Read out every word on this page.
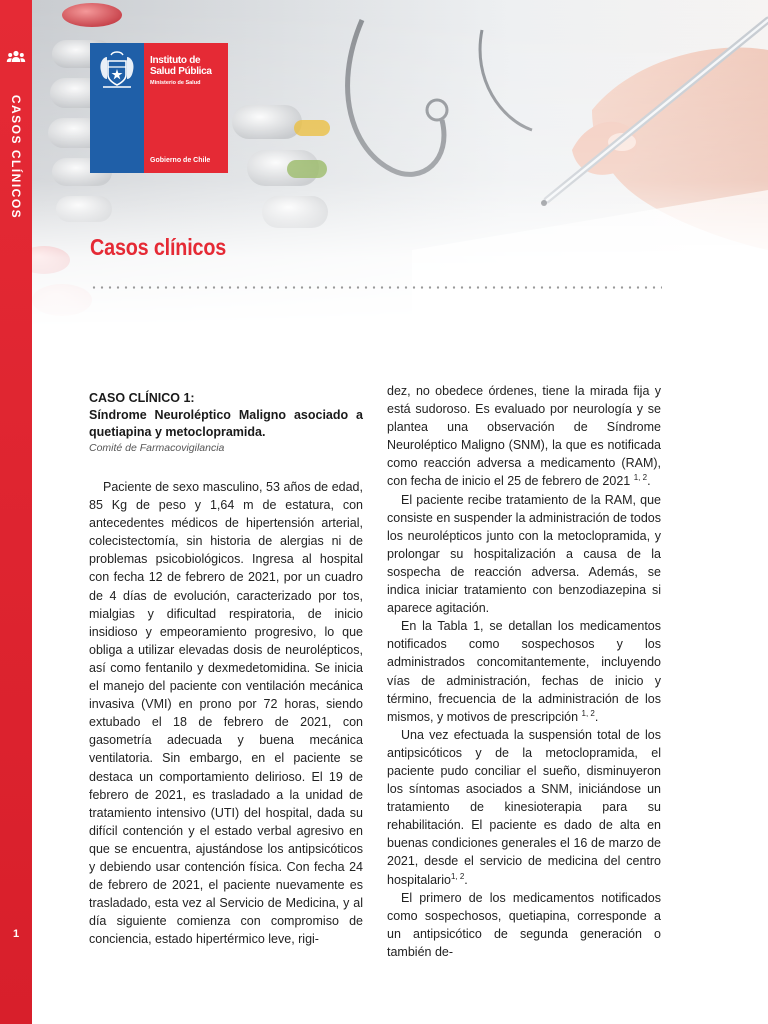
CASOS CLÍNICOS
1
Instituto de
Salud Pública
Ministerio de Salud
Gobierno de Chile
Casos clínicos
CASO CLÍNICO 1:
Síndrome Neuroléptico Maligno asociado a quetiapina y metoclopramida.
Comité de Farmacovigilancia

Paciente de sexo masculino, 53 años de edad, 85 Kg de peso y 1,64 m de estatura, con antecedentes médicos de hipertensión arterial, colecistectomía, sin historia de alergias ni de problemas psicobiológicos. Ingresa al hospital con fecha 12 de febrero de 2021, por un cuadro de 4 días de evolución, caracterizado por tos, mialgias y dificultad respiratoria, de inicio insidioso y empeoramiento progresivo, lo que obliga a utilizar elevadas dosis de neurolépticos, así como fentanilo y dexmedetomidina. Se inicia el manejo del paciente con ventilación mecánica invasiva (VMI) en prono por 72 horas, siendo extubado el 18 de febrero de 2021, con gasometría adecuada y buena mecánica ventilatoria. Sin embargo, en el paciente se destaca un comportamiento delirioso. El 19 de febrero de 2021, es trasladado a la unidad de tratamiento intensivo (UTI) del hospital, dada su difícil contención y el estado verbal agresivo en que se encuentra, ajustándose los antipsicóticos y debiendo usar contención física. Con fecha 24 de febrero de 2021, el paciente nuevamente es trasladado, esta vez al Servicio de Medicina, y al día siguiente comienza con compromiso de conciencia, estado hipertérmico leve, rigi-

dez, no obedece órdenes, tiene la mirada fija y está sudoroso. Es evaluado por neurología y se plantea una observación de Síndrome Neuroléptico Maligno (SNM), la que es notificada como reacción adversa a medicamento (RAM), con fecha de inicio el 25 de febrero de 2021 $^{1, 2}$.

El paciente recibe tratamiento de la RAM, que consiste en suspender la administración de todos los neurolépticos junto con la metoclopramida, y prolongar su hospitalización a causa de la sospecha de reacción adversa. Además, se indica iniciar tratamiento con benzodiazepina si aparece agitación.

En la Tabla 1, se detallan los medicamentos notificados como sospechosos y los administrados concomitantemente, incluyendo vías de administración, fechas de inicio y término, frecuencia de la administración de los mismos, y motivos de prescripción $^{1, 2}$.

Una vez efectuada la suspensión total de los antipsicóticos y de la metoclopramida, el paciente pudo conciliar el sueño, disminuyeron los síntomas asociados a SNM, iniciándose un tratamiento de kinesioterapia para su rehabilitación. El paciente es dado de alta en buenas condiciones generales el 16 de marzo de 2021, desde el servicio de medicina del centro hospitalario$^{1, 2}$.

El primero de los medicamentos notificados como sospechosos, quetiapina, corresponde a un antipsicótico de segunda generación o también de-
